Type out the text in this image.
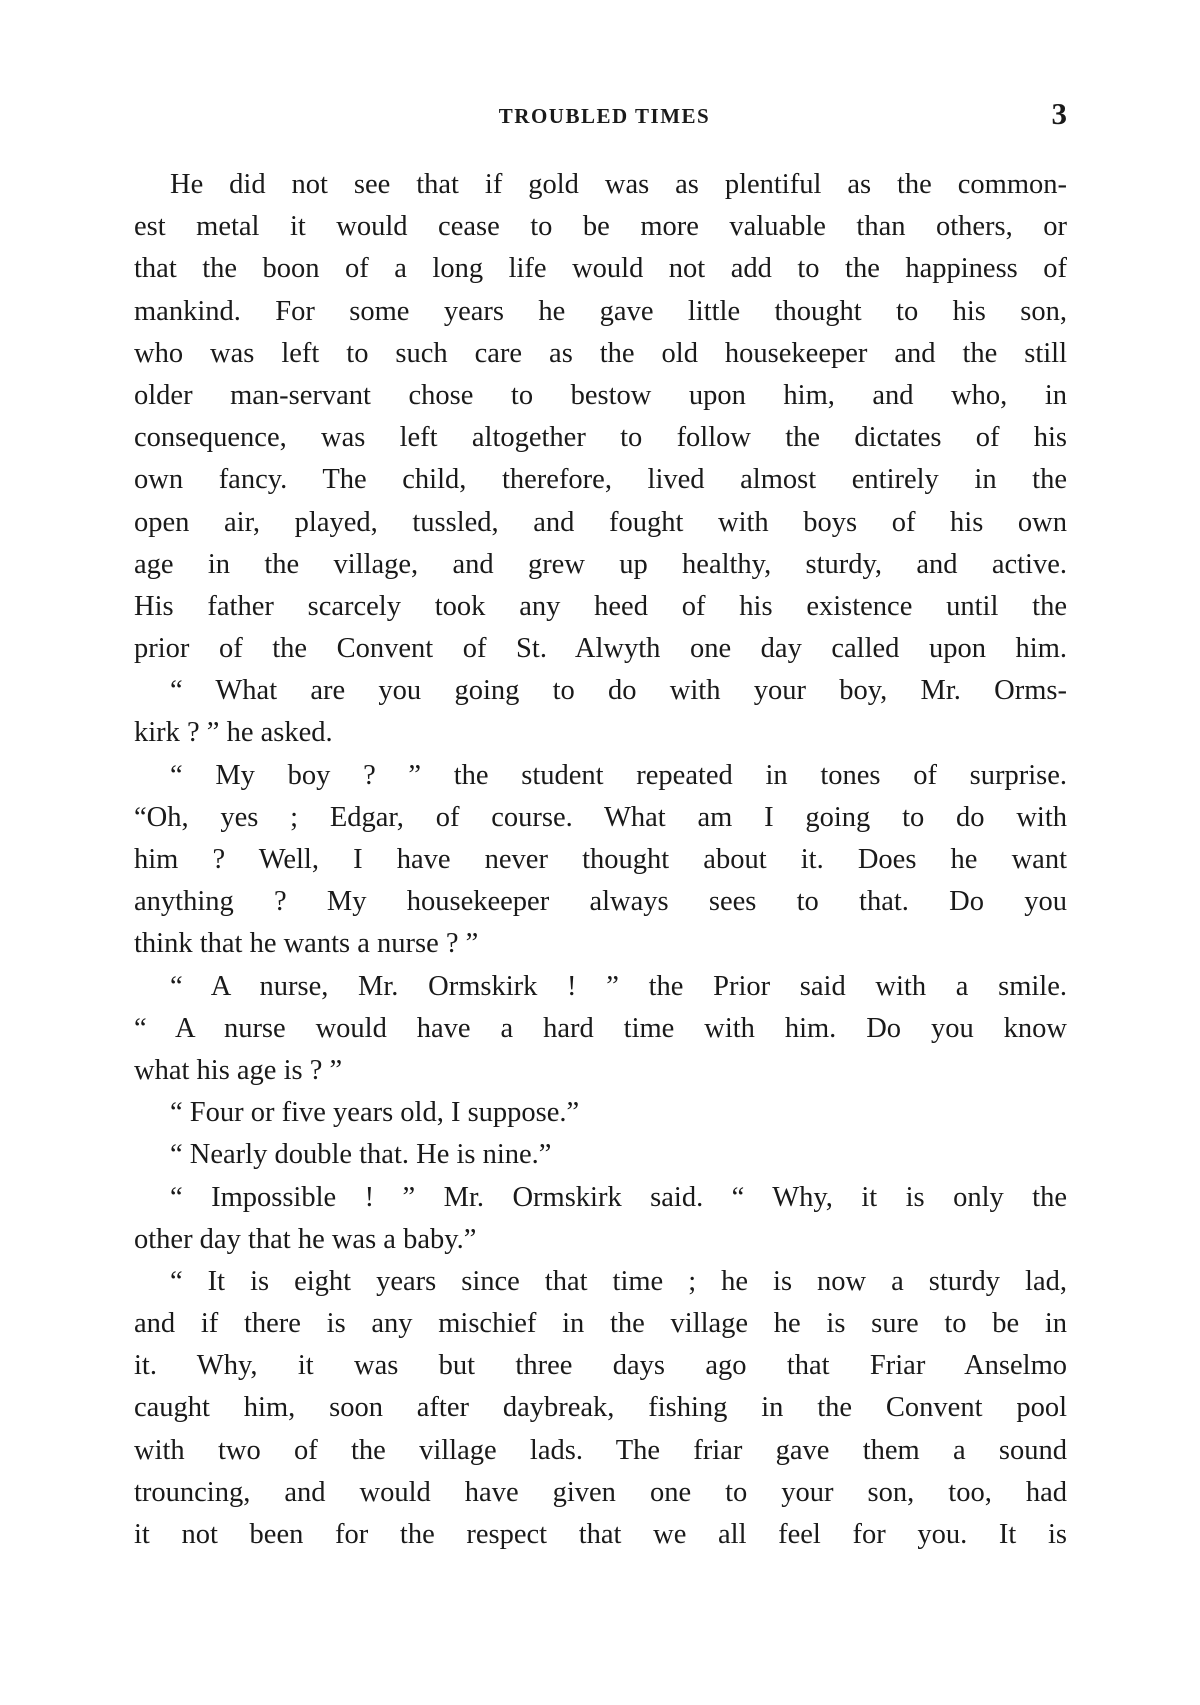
TROUBLED TIMES	3
He did not see that if gold was as plentiful as the common-
est metal it would cease to be more valuable than others, or
that the boon of a long life would not add to the happiness of
mankind. For some years he gave little thought to his son,
who was left to such care as the old housekeeper and the still
older man-servant chose to bestow upon him, and who, in
consequence, was left altogether to follow the dictates of his
own fancy. The child, therefore, lived almost entirely in the
open air, played, tussled, and fought with boys of his own
age in the village, and grew up healthy, sturdy, and active.
His father scarcely took any heed of his existence until the
prior of the Convent of St. Alwyth one day called upon him.
“ What are you going to do with your boy, Mr. Orms-
kirk ? ” he asked.
“ My boy ? ” the student repeated in tones of surprise.
“Oh, yes ; Edgar, of course. What am I going to do with
him ? Well, I have never thought about it. Does he want
anything ? My housekeeper always sees to that. Do you
think that he wants a nurse ? ”
“ A nurse, Mr. Ormskirk ! ” the Prior said with a smile.
“ A nurse would have a hard time with him. Do you know
what his age is ? ”
“ Four or five years old, I suppose.”
“ Nearly double that. He is nine.”
“ Impossible ! ” Mr. Ormskirk said. “ Why, it is only the
other day that he was a baby.”
“ It is eight years since that time ; he is now a sturdy lad,
and if there is any mischief in the village he is sure to be in
it. Why, it was but three days ago that Friar Anselmo
caught him, soon after daybreak, fishing in the Convent pool
with two of the village lads. The friar gave them a sound
trouncing, and would have given one to your son, too, had
it not been for the respect that we all feel for you. It is
